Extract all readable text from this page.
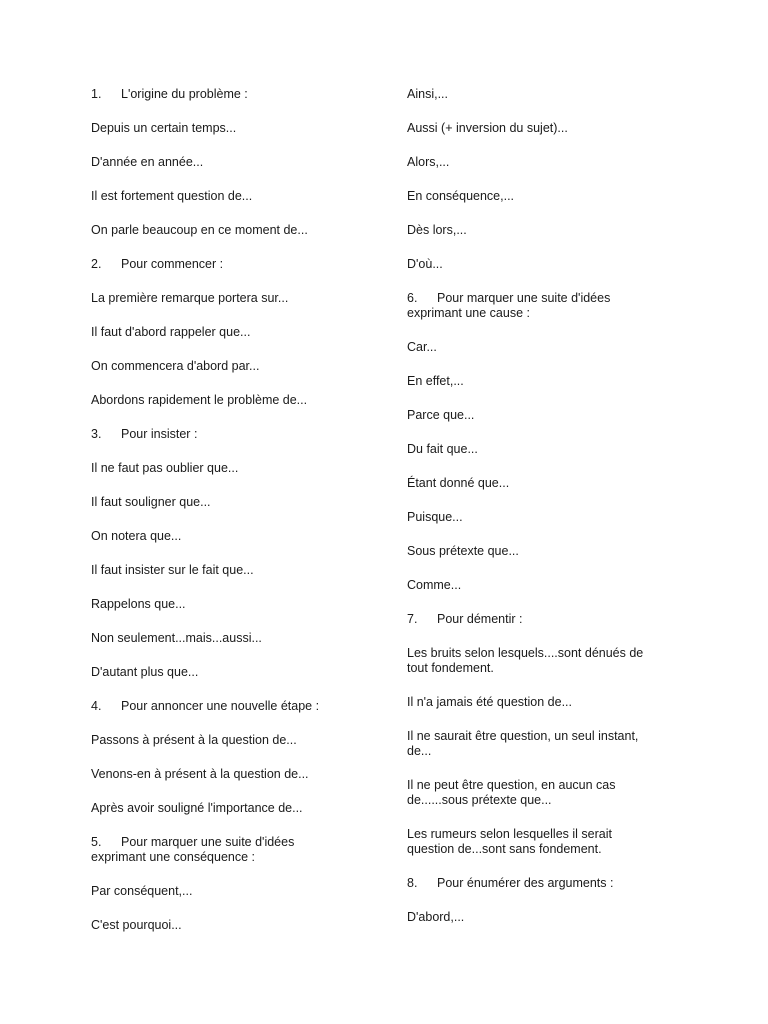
1. L'origine du problème :

Depuis un certain temps...

D'année en année...

Il est fortement question de...

On parle beaucoup en ce moment de...

2. Pour commencer :

La première remarque portera sur...

Il faut d'abord rappeler que...

On commencera d'abord par...

Abordons rapidement le problème de...

3. Pour insister :

Il ne faut pas oublier que...

Il faut souligner que...

On notera que...

Il faut insister sur le fait que...

Rappelons que...

Non seulement...mais...aussi...

D'autant plus que...

4. Pour annoncer une nouvelle étape :

Passons à présent à la question de...

Venons-en à présent à la question de...

Après avoir souligné l'importance de...

5. Pour marquer une suite d'idées
exprimant une conséquence :

Par conséquent,...

C'est pourquoi...

Ainsi,...

Aussi (+ inversion du sujet)...

Alors,...

En conséquence,...

Dès lors,...

D'où...

6. Pour marquer une suite d'idées
exprimant une cause :

Car...

En effet,...

Parce que...

Du fait que...

Étant donné que...

Puisque...

Sous prétexte que...

Comme...

7. Pour démentir :

Les bruits selon lesquels....sont dénués de
tout fondement.

Il n'a jamais été question de...

Il ne saurait être question, un seul instant,
de...

Il ne peut être question, en aucun cas
de......sous prétexte que...

Les rumeurs selon lesquelles il serait
question de...sont sans fondement.

8. Pour énumérer des arguments :

D'abord,...
